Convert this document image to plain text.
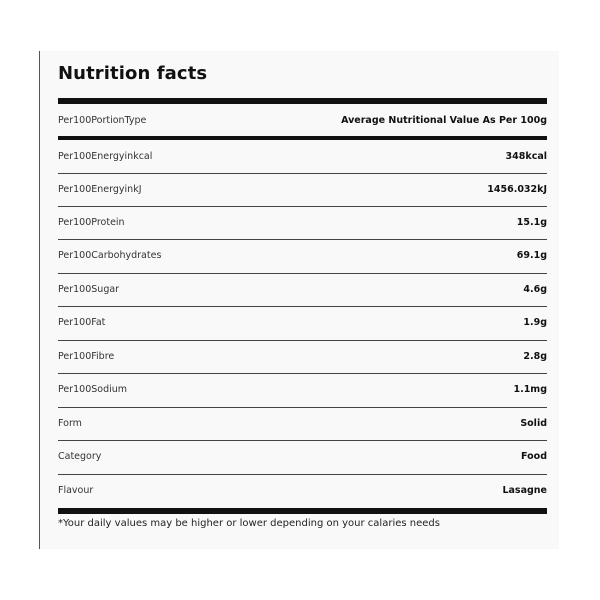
Nutrition facts
Per100PortionType	Average Nutritional Value As Per 100g
Per100Energyinkcal	348kcal
Per100EnergyinkJ	1456.032kJ
Per100Protein	15.1g
Per100Carbohydrates	69.1g
Per100Sugar	4.6g
Per100Fat	1.9g
Per100Fibre	2.8g
Per100Sodium	1.1mg
Form	Solid
Category	Food
Flavour	Lasagne
*Your daily values may be higher or lower depending on your calaries needs
